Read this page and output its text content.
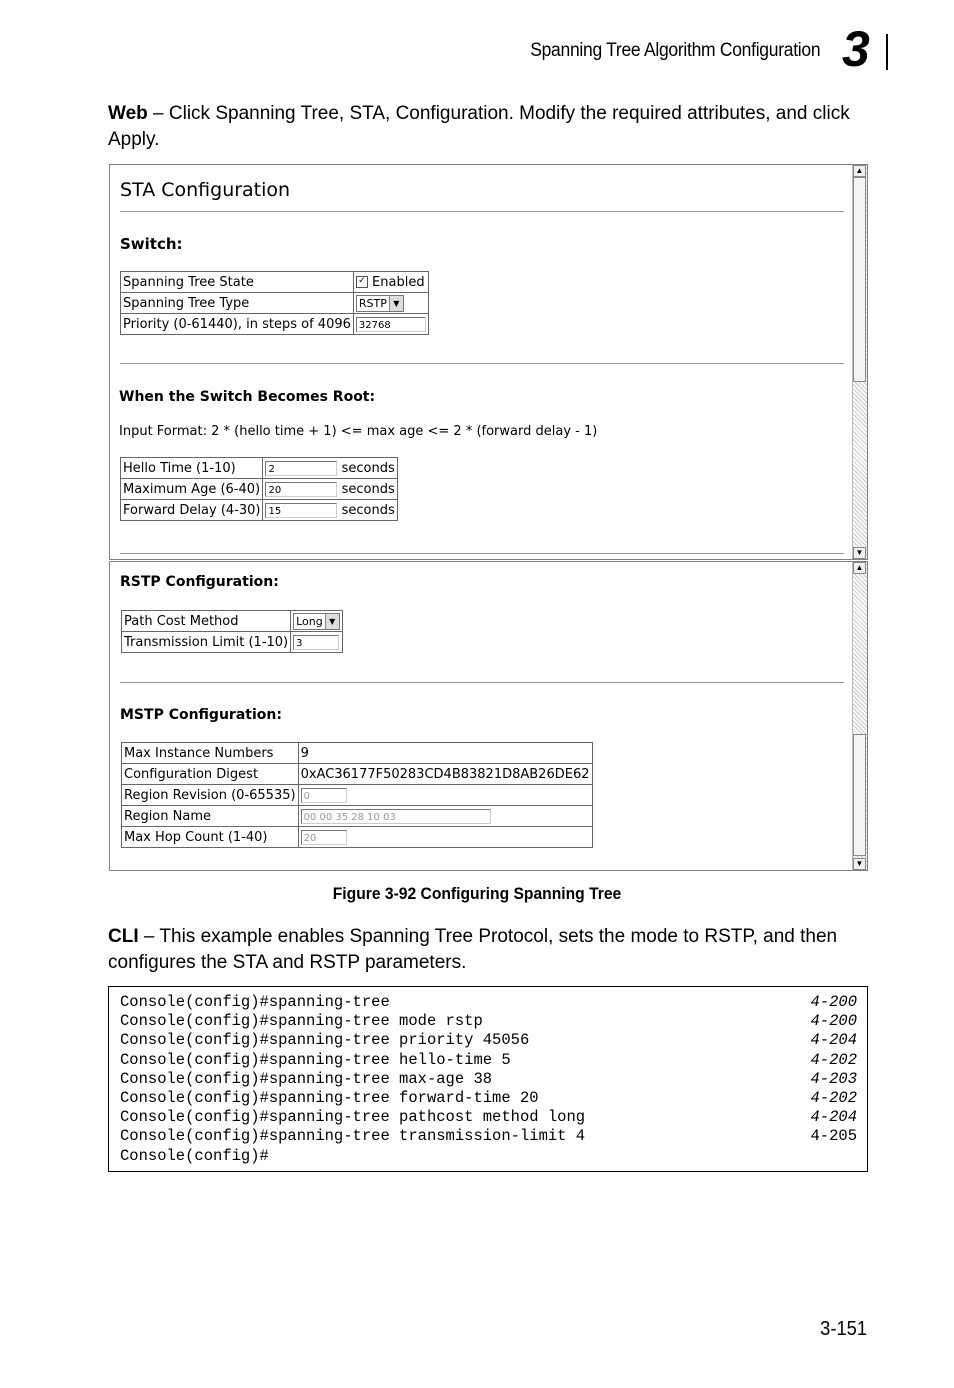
Spanning Tree Algorithm Configuration 3
Web – Click Spanning Tree, STA, Configuration. Modify the required attributes, and click Apply.
STA Configuration
Switch:
Spanning Tree State	✓ Enabled
Spanning Tree Type	RSTP ▼

Priority (0-61440), in steps of 4096	32768
When the Switch Becomes Root:
Input Format: 2 * (hello time + 1) <= max age <= 2 * (forward delay - 1)
Hello Time (1-10)	2 seconds
Maximum Age (6-40)	20 seconds
Forward Delay (4-30)	15 seconds
▲
▼
RSTP Configuration:
Path Cost Method	Long ▼

Transmission Limit (1-10)	3
MSTP Configuration:
Max Instance Numbers	9
Configuration Digest	0xAC36177F50283CD4B83821D8AB26DE62
Region Revision (0-65535)	0
Region Name	00 00 35 28 10 03
Max Hop Count (1-40)	20
▲
▼
Figure 3-92 Configuring Spanning Tree
CLI – This example enables Spanning Tree Protocol, sets the mode to RSTP, and then configures the STA and RSTP parameters.
Console(config)#spanning-tree	4-200
Console(config)#spanning-tree mode rstp	4-200
Console(config)#spanning-tree priority 45056	4-204
Console(config)#spanning-tree hello-time 5	4-202
Console(config)#spanning-tree max-age 38	4-203
Console(config)#spanning-tree forward-time 20	4-202
Console(config)#spanning-tree pathcost method long	4-204
Console(config)#spanning-tree transmission-limit 4	4-205
Console(config)#
3-151
